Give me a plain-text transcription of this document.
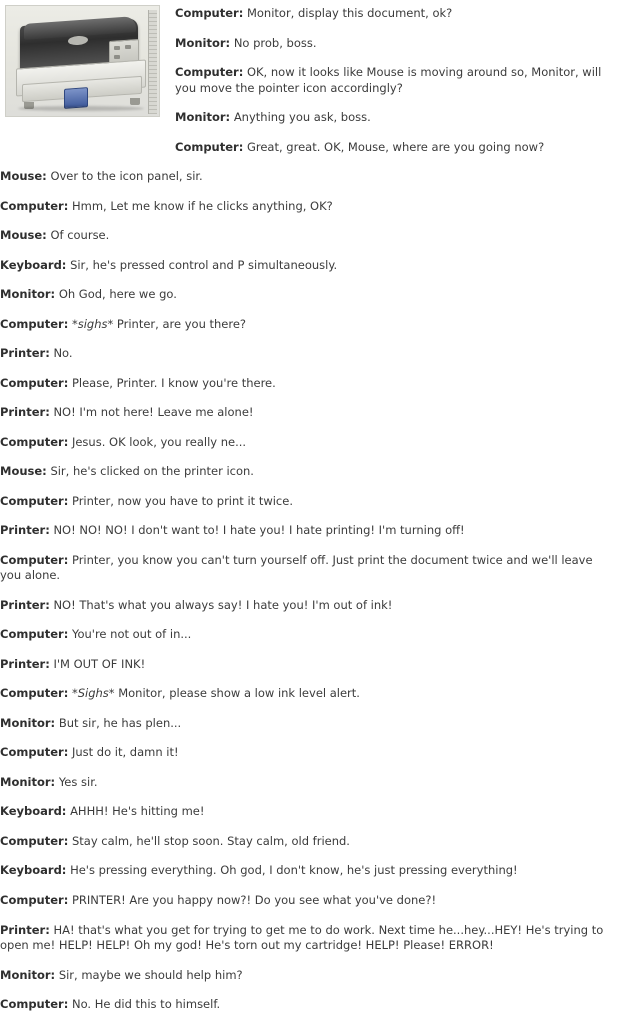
Computer: Monitor, display this document, ok?

Monitor: No prob, boss.

Computer: OK, now it looks like Mouse is moving around so, Monitor, will you move the pointer icon accordingly?

Monitor: Anything you ask, boss.

Computer: Great, great. OK, Mouse, where are you going now?

Mouse: Over to the icon panel, sir.

Computer: Hmm, Let me know if he clicks anything, OK?

Mouse: Of course.

Keyboard: Sir, he's pressed control and P simultaneously.

Monitor: Oh God, here we go.

Computer: *sighs* Printer, are you there?

Printer: No.

Computer: Please, Printer. I know you're there.

Printer: NO! I'm not here! Leave me alone!

Computer: Jesus. OK look, you really ne...

Mouse: Sir, he's clicked on the printer icon.

Computer: Printer, now you have to print it twice.

Printer: NO! NO! NO! I don't want to! I hate you! I hate printing! I'm turning off!

Computer: Printer, you know you can't turn yourself off. Just print the document twice and we'll leave you alone.

Printer: NO! That's what you always say! I hate you! I'm out of ink!

Computer: You're not out of in...

Printer: I'M OUT OF INK!

Computer: *Sighs* Monitor, please show a low ink level alert.

Monitor: But sir, he has plen...

Computer: Just do it, damn it!

Monitor: Yes sir.

Keyboard: AHHH! He's hitting me!

Computer: Stay calm, he'll stop soon. Stay calm, old friend.

Keyboard: He's pressing everything. Oh god, I don't know, he's just pressing everything!

Computer: PRINTER! Are you happy now?! Do you see what you've done?!

Printer: HA! that's what you get for trying to get me to do work. Next time he...hey...HEY! He's trying to open me! HELP! HELP! Oh my god! He's torn out my cartridge! HELP! Please! ERROR!

Monitor: Sir, maybe we should help him?

Computer: No. He did this to himself.
